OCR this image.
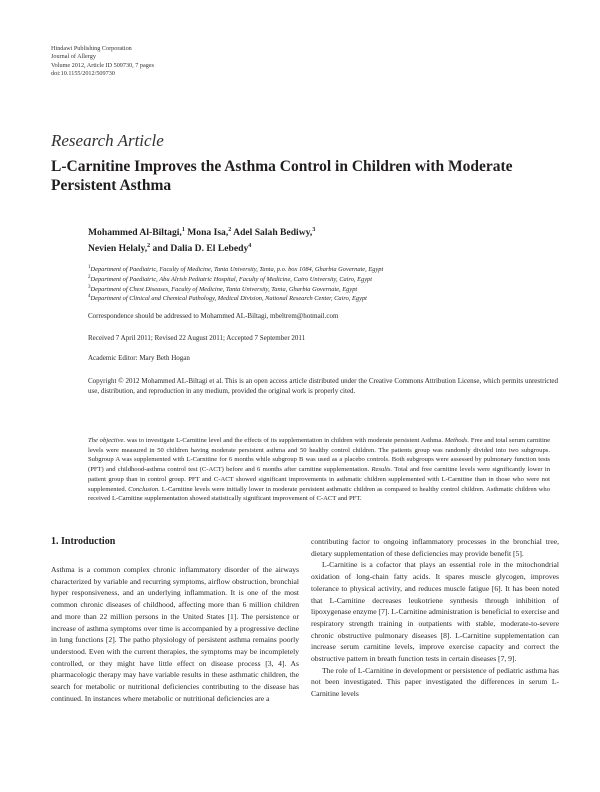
Hindawi Publishing Corporation
Journal of Allergy
Volume 2012, Article ID 509730, 7 pages
doi:10.1155/2012/509730
Research Article
L-Carnitine Improves the Asthma Control in Children with Moderate Persistent Asthma
Mohammed Al-Biltagi,$^1$ Mona Isa,$^2$ Adel Salah Bediwy,$^3$
Nevien Helaly,$^2$ and Dalia D. El Lebedy$^4$
$^1$Department of Paediatric, Faculty of Medicine, Tanta University, Tanta, p.o. box 1084, Gharbia Governate, Egypt
$^2$Department of Paediatric, Abu Alrish Pediatric Hospital, Faculty of Medicine, Cairo University, Cairo, Egypt
$^3$Department of Chest Diseases, Faculty of Medicine, Tanta University, Tanta, Gharbia Governate, Egypt
$^4$Department of Clinical and Chemical Pathology, Medical Division, National Research Center, Cairo, Egypt
Correspondence should be addressed to Mohammed AL-Biltagi, mbeltrem@hotmail.com
Received 7 April 2011; Revised 22 August 2011; Accepted 7 September 2011
Academic Editor: Mary Beth Hogan
Copyright © 2012 Mohammed AL-Biltagi et al. This is an open access article distributed under the Creative Commons Attribution License, which permits unrestricted use, distribution, and reproduction in any medium, provided the original work is properly cited.
The objective. was to investigate L-Carnitine level and the effects of its supplementation in children with moderate persistent Asthma. Methods. Free and total serum carnitine levels were measured in 50 children having moderate persistent asthma and 50 healthy control children. The patients group was randomly divided into two subgroups. Subgroup A was supplemented with L-Carnitine for 6 months while subgroup B was used as a placebo controls. Both subgroups were assessed by pulmonary function tests (PFT) and childhood-asthma control test (C-ACT) before and 6 months after carnitine supplementation. Results. Total and free carnitine levels were significantly lower in patient group than in control group. PFT and C-ACT showed significant improvements in asthmatic children supplemented with L-Carnitine than in those who were not supplemented. Conclusion. L-Carnitine levels were initially lower in moderate persistent asthmatic children as compared to healthy control children. Asthmatic children who received L-Carnitine supplementation showed statistically significant improvement of C-ACT and PFT.
1. Introduction

Asthma is a common complex chronic inflammatory disorder of the airways characterized by variable and recurring symptoms, airflow obstruction, bronchial hyper responsiveness, and an underlying inflammation. It is one of the most common chronic diseases of childhood, affecting more than 6 million children and more than 22 million persons in the United States [1]. The persistence or increase of asthma symptoms over time is accompanied by a progressive decline in lung functions [2]. The patho physiology of persistent asthma remains poorly understood. Even with the current therapies, the symptoms may be incompletely controlled, or they might have little effect on disease process [3, 4]. As pharmacologic therapy may have variable results in these asthmatic children, the search for metabolic or nutritional deficiencies contributing to the disease has continued. In instances where metabolic or nutritional deficiencies are a

contributing factor to ongoing inflammatory processes in the bronchial tree, dietary supplementation of these deficiencies may provide benefit [5].

L-Carnitine is a cofactor that plays an essential role in the mitochondrial oxidation of long-chain fatty acids. It spares muscle glycogen, improves tolerance to physical activity, and reduces muscle fatigue [6]. It has been noted that L-Carnitine decreases leukotriene synthesis through inhibition of lipoxygenase enzyme [7]. L-Carnitine administration is beneficial to exercise and respiratory strength training in outpatients with stable, moderate-to-severe chronic obstructive pulmonary diseases [8]. L-Carnitine supplementation can increase serum carnitine levels, improve exercise capacity and correct the obstructive pattern in breath function tests in certain diseases [7, 9].

The role of L-Carnitine in development or persistence of pediatric asthma has not been investigated. This paper investigated the differences in serum L-Carnitine levels
